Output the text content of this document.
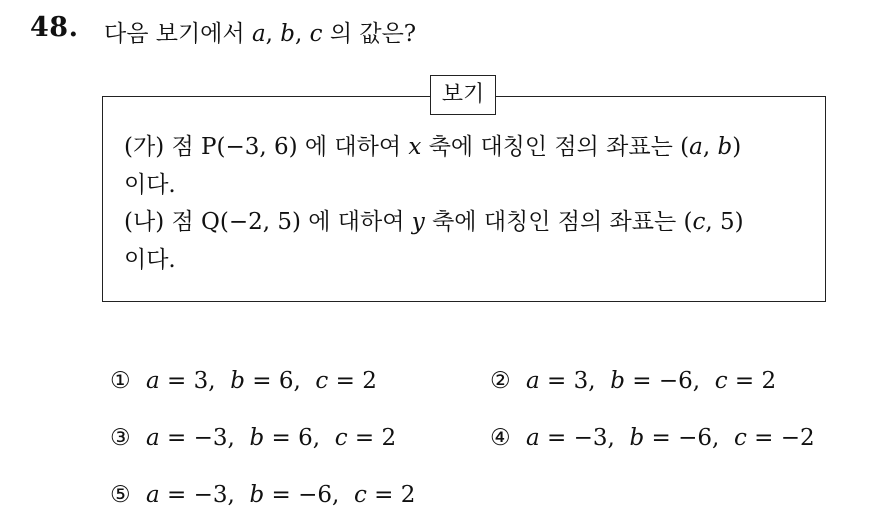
48. 다음 보기에서 a, b, c 의 값은?
보기
(가) 점 P(−3, 6) 에 대하여 x 축에 대칭인 점의 좌표는 (a, b)
이다.
(나) 점 Q(−2, 5) 에 대하여 y 축에 대칭인 점의 좌표는 (c, 5)
이다.
① a = 3,  b = 6,  c = 2	② a = 3,  b = −6,  c = 2
③ a = −3,  b = 6,  c = 2	④ a = −3,  b = −6,  c = −2
⑤ a = −3,  b = −6,  c = 2
